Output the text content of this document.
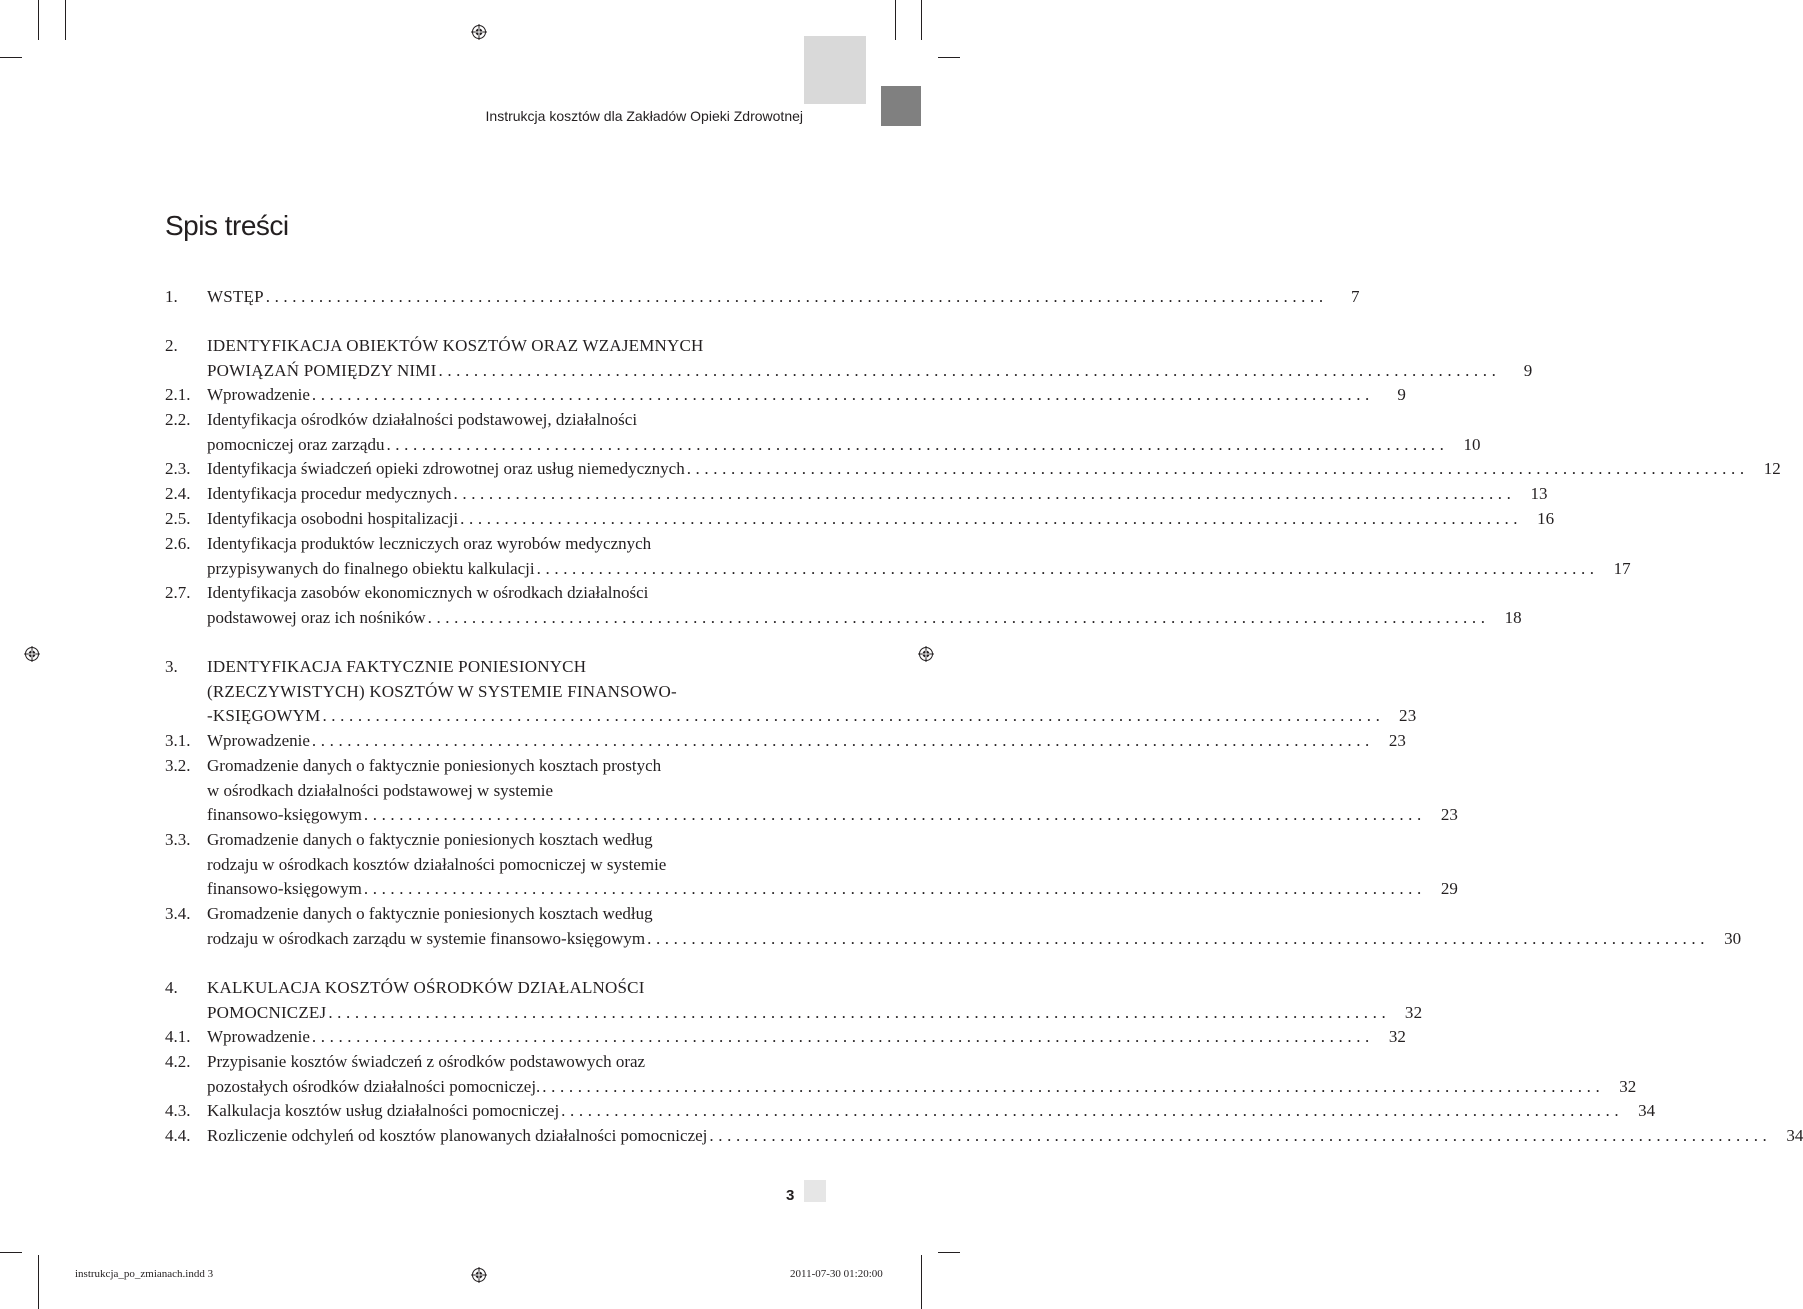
Instrukcja kosztów dla Zakładów Opieki Zdrowotnej
Spis treści
1. WSTĘP ........................................................................................................................	7
2. IDENTYFIKACJA OBIEKTÓW KOSZTÓW ORAZ WZAJEMNYCH
POWIĄZAŃ POMIĘDZY NIMI ........................................................................................................................	9
2.1. Wprowadzenie ........................................................................................................................	9
2.2. Identyfikacja ośrodków działalności podstawowej, działalności
pomocniczej oraz zarządu ........................................................................................................................ 10
2.3. Identyfikacja świadczeń opieki zdrowotnej oraz usług niemedycznych ........................................................................................................................ 12
2.4. Identyfikacja procedur medycznych ........................................................................................................................ 13
2.5. Identyfikacja osobodni hospitalizacji ........................................................................................................................ 16
2.6. Identyfikacja produktów leczniczych oraz wyrobów medycznych
przypisywanych do finalnego obiektu kalkulacji ........................................................................................................................ 17
2.7. Identyfikacja zasobów ekonomicznych w ośrodkach działalności
podstawowej oraz ich nośników ........................................................................................................................ 18
3. IDENTYFIKACJA FAKTYCZNIE PONIESIONYCH
(RZECZYWISTYCH) KOSZTÓW W SYSTEMIE FINANSOWO-
-KSIĘGOWYM ........................................................................................................................ 23
3.1. Wprowadzenie ........................................................................................................................ 23
3.2. Gromadzenie danych o faktycznie poniesionych kosztach prostych
w ośrodkach działalności podstawowej w systemie
finansowo-księgowym ........................................................................................................................ 23
3.3. Gromadzenie danych o faktycznie poniesionych kosztach według
rodzaju w ośrodkach kosztów działalności pomocniczej w systemie
finansowo-księgowym ........................................................................................................................ 29
3.4. Gromadzenie danych o faktycznie poniesionych kosztach według
rodzaju w ośrodkach zarządu w systemie finansowo-księgowym ........................................................................................................................ 30
4. KALKULACJA KOSZTÓW OŚRODKÓW DZIAŁALNOŚCI
POMOCNICZEJ ........................................................................................................................ 32
4.1. Wprowadzenie ........................................................................................................................ 32
4.2. Przypisanie kosztów świadczeń z ośrodków podstawowych oraz
pozostałych ośrodków działalności pomocniczej. ........................................................................................................................ 32
4.3. Kalkulacja kosztów usług działalności pomocniczej ........................................................................................................................ 34
4.4. Rozliczenie odchyleń od kosztów planowanych działalności pomocniczej ........................................................................................................................ 34
3
instrukcja_po_zmianach.indd 3	2011-07-30 01:20:00
